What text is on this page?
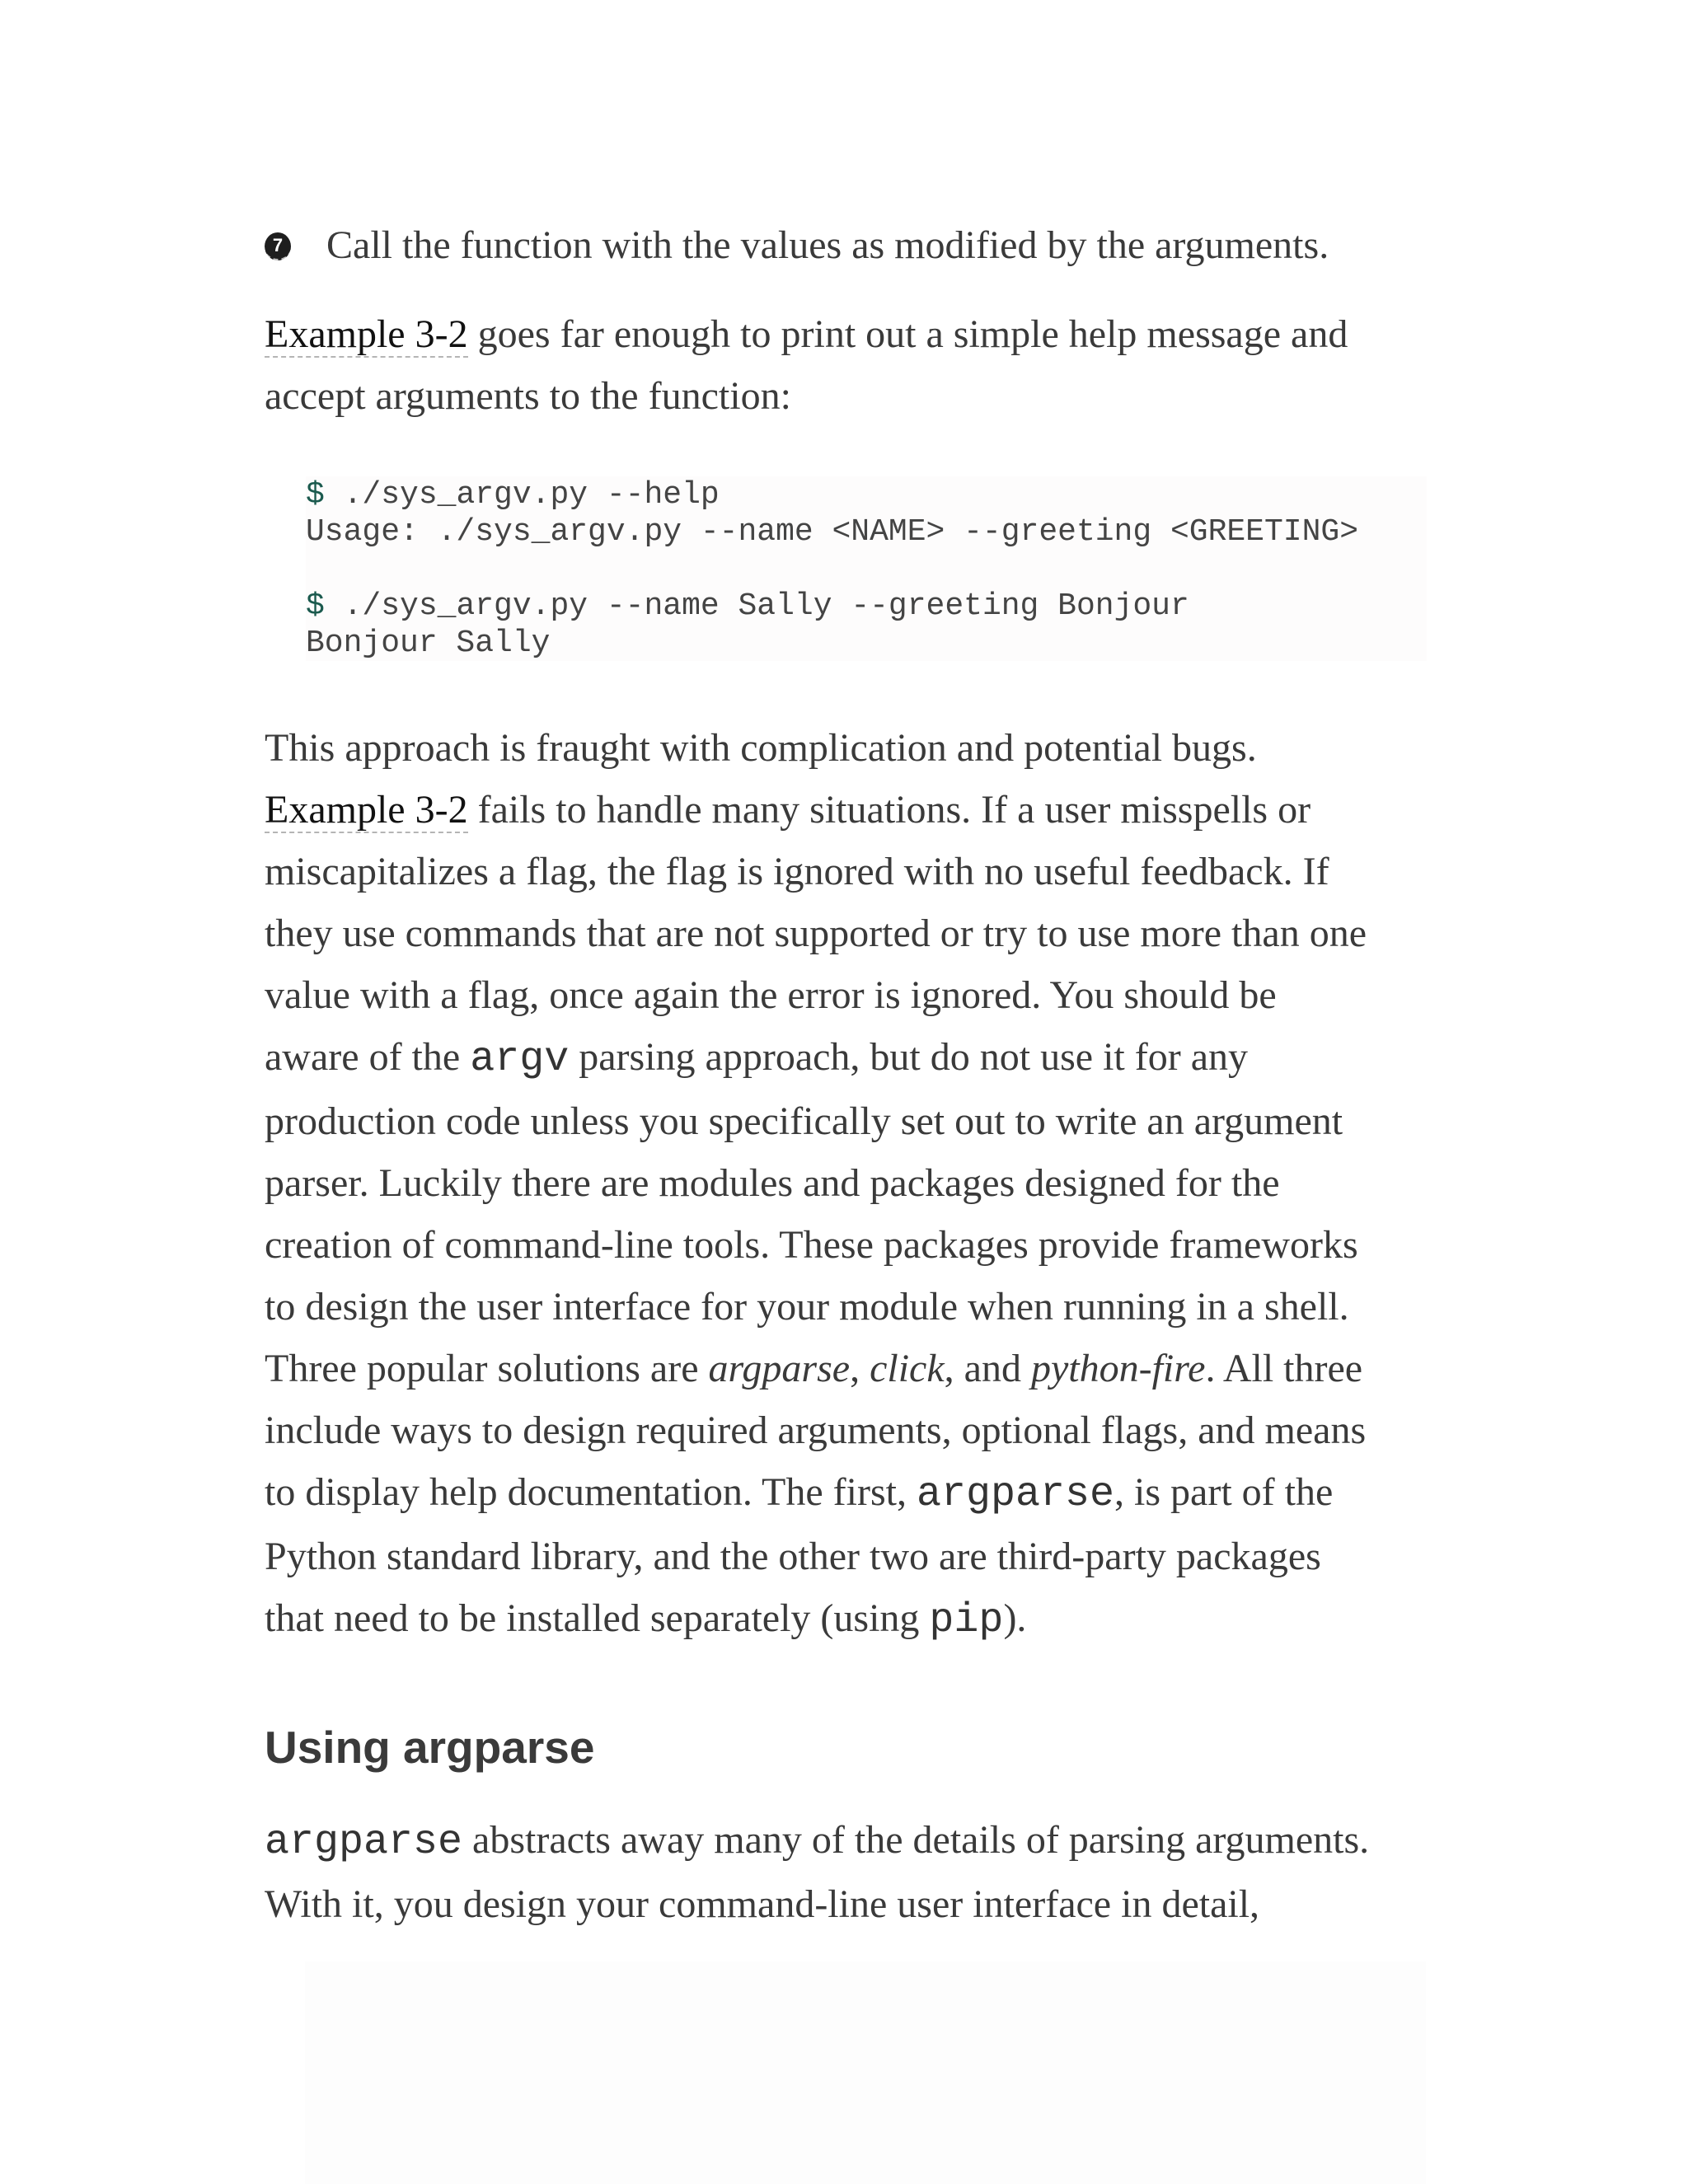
7 Call the function with the values as modified by the arguments.

Example 3-2 goes far enough to print out a simple help message and
accept arguments to the function:

$ ./sys_argv.py --help
Usage: ./sys_argv.py --name <NAME> --greeting <GREETING>
$ ./sys_argv.py --name Sally --greeting Bonjour
Bonjour Sally

This approach is fraught with complication and potential bugs.
Example 3-2 fails to handle many situations. If a user misspells or
miscapitalizes a flag, the flag is ignored with no useful feedback. If
they use commands that are not supported or try to use more than one
value with a flag, once again the error is ignored. You should be
aware of the argv parsing approach, but do not use it for any
production code unless you specifically set out to write an argument
parser. Luckily there are modules and packages designed for the
creation of command-line tools. These packages provide frameworks
to design the user interface for your module when running in a shell.
Three popular solutions are argparse, click, and python-fire. All three
include ways to design required arguments, optional flags, and means
to display help documentation. The first, argparse, is part of the
Python standard library, and the other two are third-party packages
that need to be installed separately (using pip).

Using argparse

argparse abstracts away many of the details of parsing arguments.
With it, you design your command-line user interface in detail,
